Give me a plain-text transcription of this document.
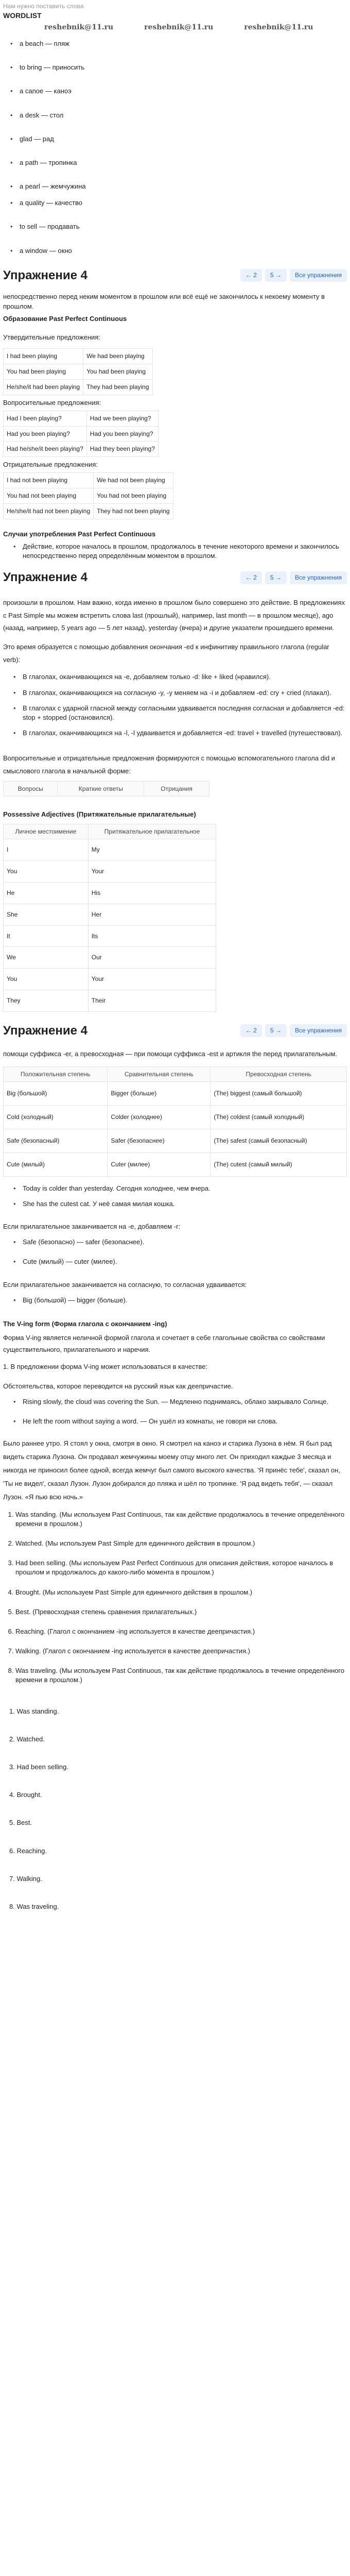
Нам нужно поставить слова
WORDLIST
reshebnik@11.ru	reshebnik@11.ru	reshebnik@11.ru
• a beach — пляж
• to bring — приносить
• a canoe — каноэ
• a desk — стол
• glad — рад
• a path — тропинка
• a pearl — жемчужина
• a quality — качество
• to sell — продавать
• a window — окно
Упражнение 4	← 2	5 →	Все упражнения
непосредственно перед неким моментом в прошлом или всё ещё не закончилось к некоему моменту в прошлом.
Образование Past Perfect Continuous
Утвердительные предложения:
I had been playing	We had been playing
You had been playing	You had been playing
He/she/it had been playing	They had been playing
Вопросительные предложения:
Had I been playing?	Had we been playing?
Had you been playing?	Had you been playing?
Had he/she/it been playing?	Had they been playing?
Отрицательные предложения:
I had not been playing	We had not been playing
You had not been playing	You had not been playing
He/she/it had not been playing	They had not been playing
Случаи употребления Past Perfect Continuous
• Действие, которое началось в прошлом, продолжалось в течение некоторого времени и закончилось непосредственно перед определённым моментом в прошлом.
Упражнение 4	← 2	5 →	Все упражнения
произошли в прошлом. Нам важно, когда именно в прошлом было совершено это действие. В предложениях с Past Simple мы можем встретить слова last (прошлый), например, last month — в прошлом месяце), ago (назад, например, 5 years ago — 5 лет назад), yesterday (вчера) и другие указатели прошедшего времени.
Это время образуется с помощью добавления окончания -ed к инфинитиву правильного глагола (regular verb):
• В глаголах, оканчивающихся на -e, добавляем только -d: like + liked (нравился).
• В глаголах, оканчивающихся на согласную -y, -y меняем на -i и добавляем -ed: cry + cried (плакал).
• В глаголах с ударной гласной между согласными удваивается последняя согласная и добавляется -ed: stop + stopped (остановился).
• В глаголах, оканчивающихся на -l, -l удваивается и добавляется -ed: travel + travelled (путешествовал).
Вопросительные и отрицательные предложения формируются с помощью вспомогательного глагола did и смыслового глагола в начальной форме:
Вопросы	Краткие ответы	Отрицания
Possessive Adjectives (Притяжательные прилагательные)
Личное местоимение	Притяжательное прилагательное
I	My
You	Your
He	His
She	Her
It	Its
We	Our
You	Your
They	Their
Упражнение 4	← 2	5 →	Все упражнения
помощи суффикса -er, а превосходная — при помощи суффикса -est и артикля the перед прилагательным.
Положительная степень	Сравнительная степень	Превосходная степень
Big (большой)	Bigger (больше)	(The) biggest (самый большой)
Cold (холодный)	Colder (холоднее)	(The) coldest (самый холодный)
Safe (безопасный)	Safer (безопаснее)	(The) safest (самый безопасный)
Cute (милый)	Cuter (милее)	(The) cutest (самый милый)
• Today is colder than yesterday. Сегодня холоднее, чем вчера.
• She has the cutest cat. У неё самая милая кошка.
Если прилагательное заканчивается на -e, добавляем -r:
• Safe (безопасно) — safer (безопаснее).
• Cute (милый) — cuter (милее).
Если прилагательное заканчивается на согласную, то согласная удваивается:
• Big (большой) — bigger (больше).
The V-ing form (Форма глагола с окончанием -ing)
Форма V-ing является неличной формой глагола и сочетает в себе глагольные свойства со свойствами существительного, прилагательного и наречия.
1. В предложении форма V-ing может использоваться в качестве:
Обстоятельства, которое переводится на русский язык как деепричастие.
• Rising slowly, the cloud was covering the Sun. — Медленно поднимаясь, облако закрывало Солнце.
• He left the room without saying a word. — Он ушёл из комнаты, не говоря ни слова.
Было раннее утро. Я стоял у окна, смотря в окно. Я смотрел на каноэ и старика Лузона в нём. Я был рад видеть старика Лузона. Он продавал жемчужины моему отцу много лет. Он приходил каждые 3 месяца и никогда не приносил более одной, всегда жемчуг был самого высокого качества. 'Я принёс тебе', сказал он, 'Ты не видел', сказал Лузон. Лузон добирался до пляжа и шёл по тропинке. 'Я рад видеть тебя', — сказал Лузон. «Я пью всю ночь.»
1. Was standing. (Мы используем Past Continuous, так как действие продолжалось в течение определённого времени в прошлом.)
2. Watched. (Мы используем Past Simple для единичного действия в прошлом.)
3. Had been selling. (Мы используем Past Perfect Continuous для описания действия, которое началось в прошлом и продолжалось до какого-либо момента в прошлом.)
4. Brought. (Мы используем Past Simple для единичного действия в прошлом.)
5. Best. (Превосходная степень сравнения прилагательных.)
6. Reaching. (Глагол с окончанием -ing используется в качестве деепричастия.)
7. Walking. (Глагол с окончанием -ing используется в качестве деепричастия.)
8. Was traveling. (Мы используем Past Continuous, так как действие продолжалось в течение определённого времени в прошлом.)
1. Was standing.
2. Watched.
3. Had been selling.
4. Brought.
5. Best.
6. Reaching.
7. Walking.
8. Was traveling.
